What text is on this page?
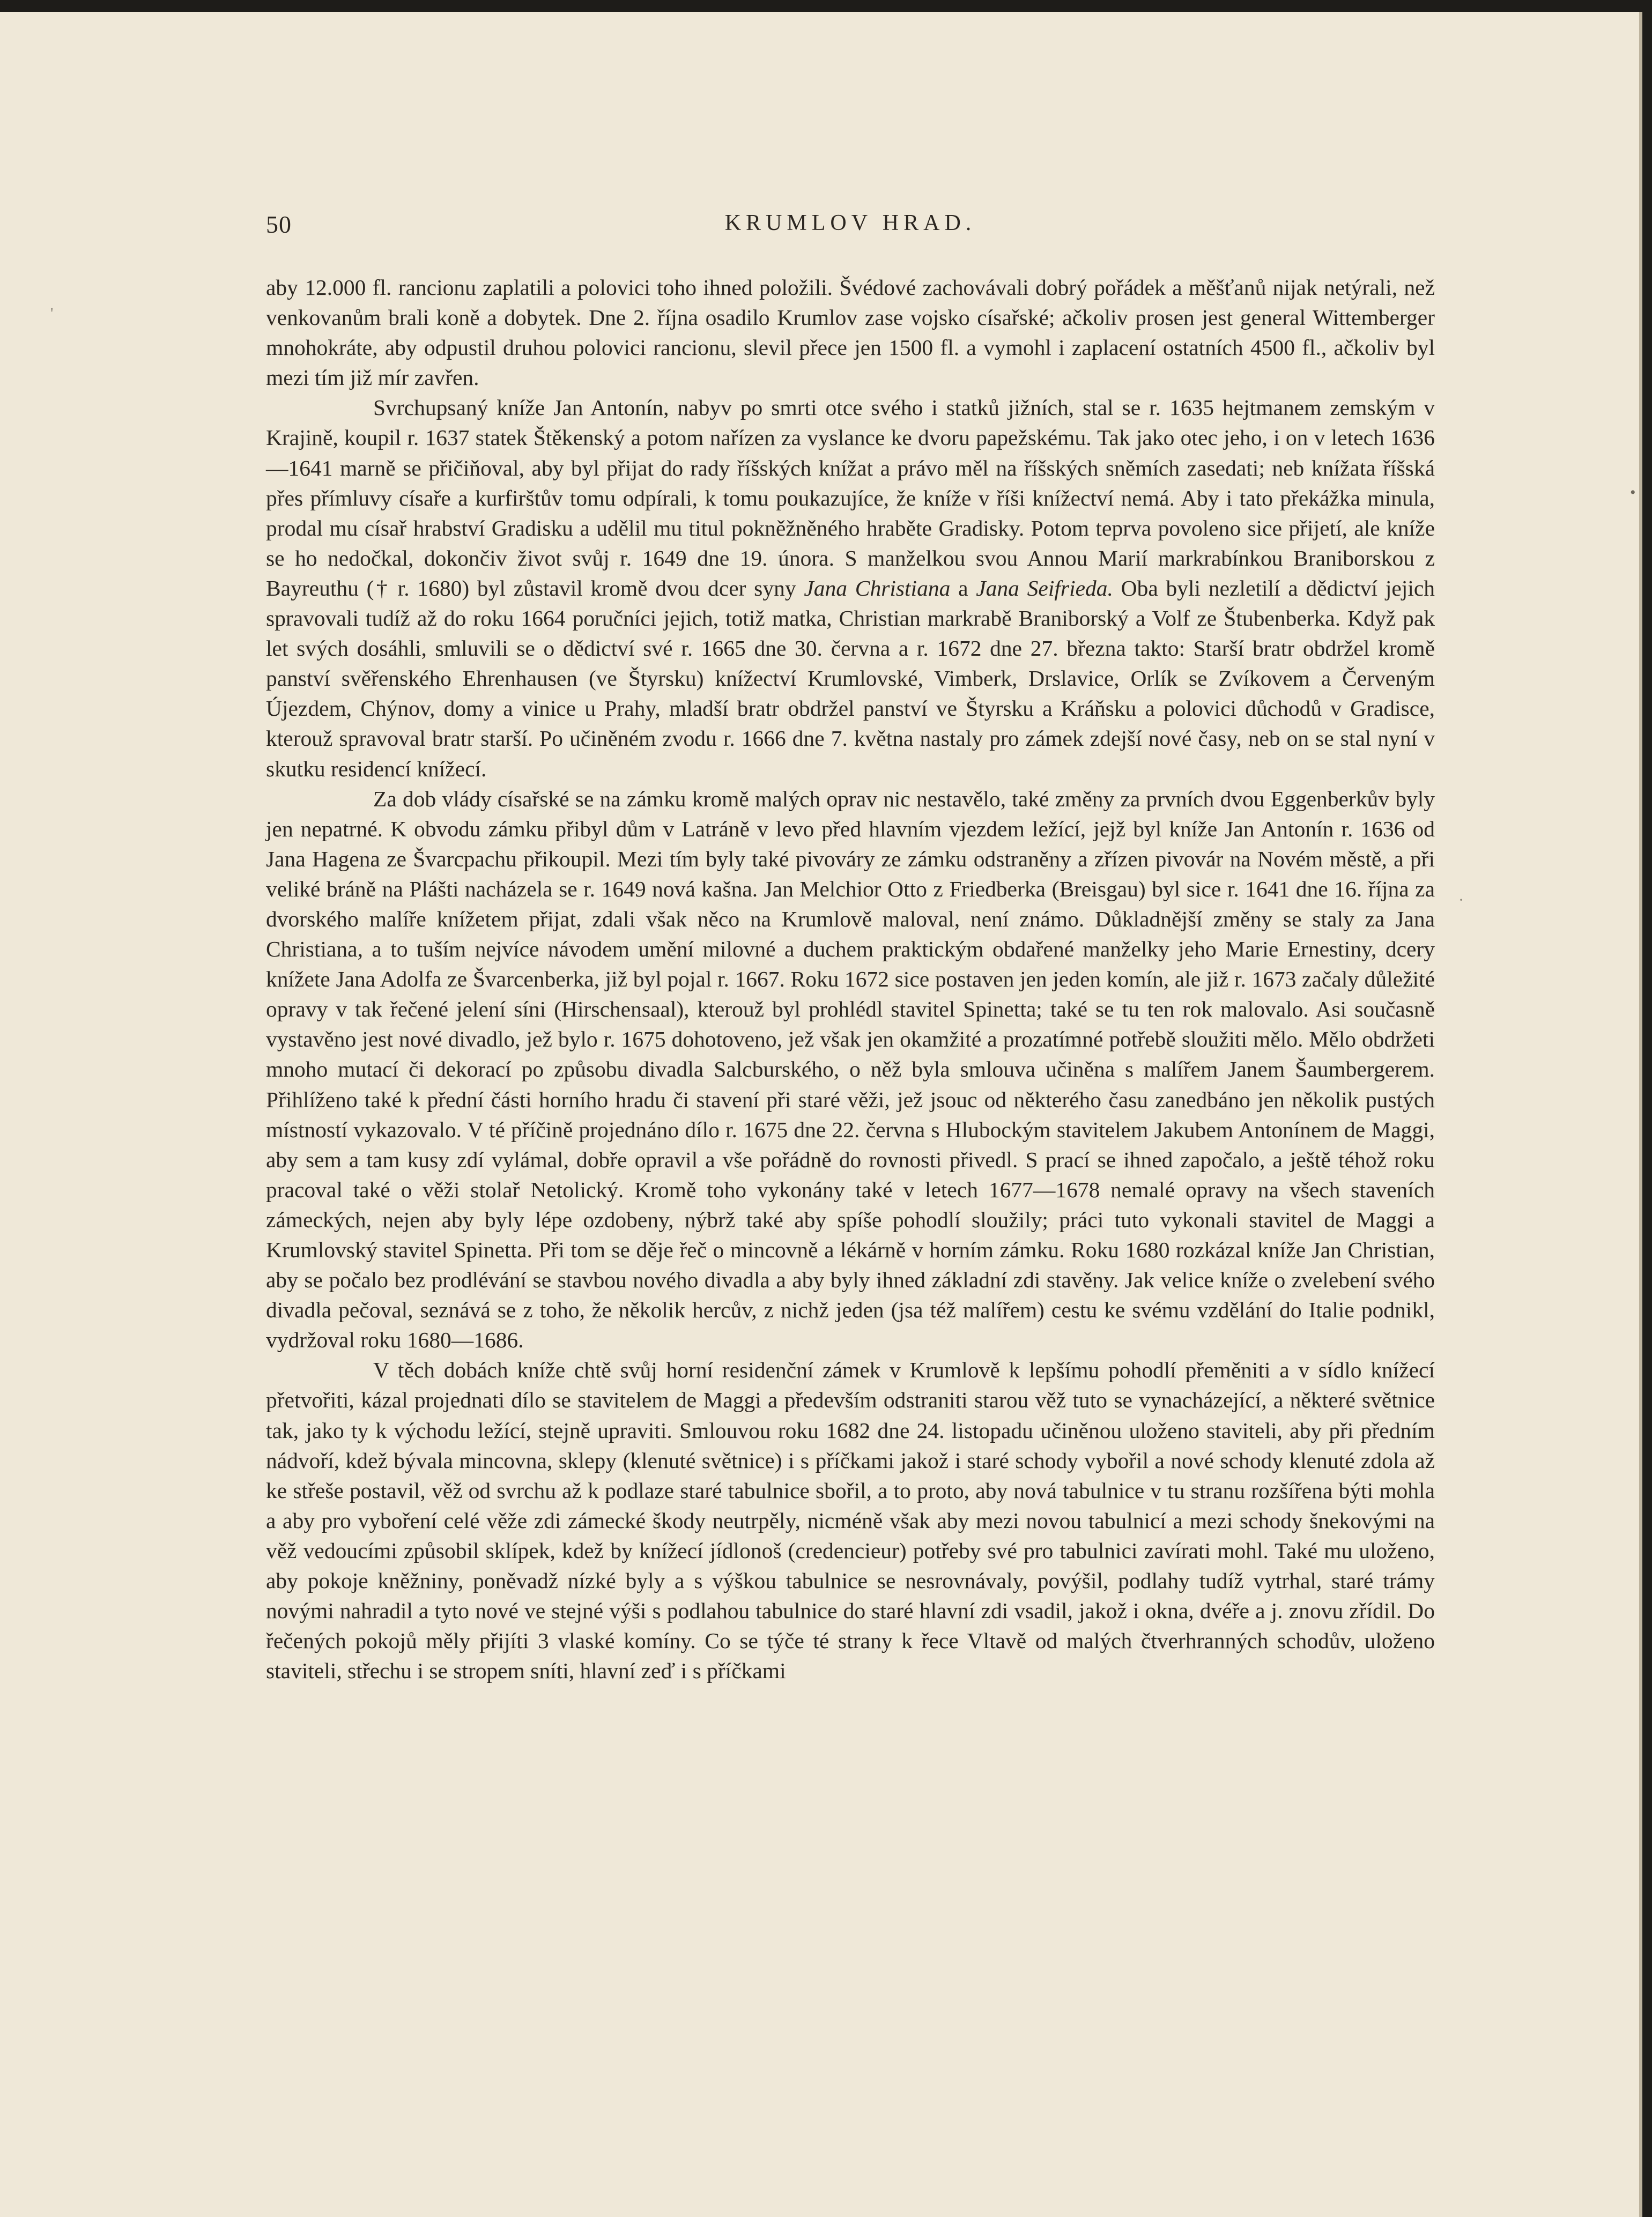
50	KRUMLOV HRAD.

aby 12.000 fl. rancionu zaplatili a polovici toho ihned položili. Švédové zachovávali dobrý pořádek a měšťanů nijak netýrali, než venkovanům brali koně a dobytek. Dne 2. října osadilo Krumlov zase vojsko císařské; ačkoliv prosen jest general Wittemberger mnohokráte, aby odpustil druhou polovici rancionu, slevil přece jen 1500 fl. a vymohl i zaplacení ostatních 4500 fl., ačkoliv byl mezi tím již mír zavřen.

Svrchupsaný kníže Jan Antonín, nabyv po smrti otce svého i statků jižních, stal se r. 1635 hejtmanem zemským v Krajině, koupil r. 1637 statek Štěkenský a potom nařízen za vyslance ke dvoru papežskému. Tak jako otec jeho, i on v letech 1636—1641 marně se přičiňoval, aby byl přijat do rady říšských knížat a právo měl na říšských sněmích zasedati; neb knížata říšská přes přímluvy císaře a kurfirštův tomu odpírali, k tomu poukazujíce, že kníže v říši knížectví nemá. Aby i tato překážka minula, prodal mu císař hrabství Gradisku a udělil mu titul pokněžněného hraběte Gradisky. Potom teprva povoleno sice přijetí, ale kníže se ho nedočkal, dokončiv život svůj r. 1649 dne 19. února. S manželkou svou Annou Marií markrabínkou Braniborskou z Bayreuthu († r. 1680) byl zůstavil kromě dvou dcer syny Jana Christiana a Jana Seifrieda. Oba byli nezletilí a dědictví jejich spravovali tudíž až do roku 1664 poručníci jejich, totiž matka, Christian markrabě Braniborský a Volf ze Štubenberka. Když pak let svých dosáhli, smluvili se o dědictví své r. 1665 dne 30. června a r. 1672 dne 27. března takto: Starší bratr obdržel kromě panství svěřenského Ehrenhausen (ve Štyrsku) knížectví Krumlovské, Vimberk, Drslavice, Orlík se Zvíkovem a Červeným Újezdem, Chýnov, domy a vinice u Prahy, mladší bratr obdržel panství ve Štyrsku a Kráňsku a polovici důchodů v Gradisce, kterouž spravoval bratr starší. Po učiněném zvodu r. 1666 dne 7. května nastaly pro zámek zdejší nové časy, neb on se stal nyní v skutku residencí knížecí.

Za dob vlády císařské se na zámku kromě malých oprav nic nestavělo, také změny za prvních dvou Eggenberkův byly jen nepatrné. K obvodu zámku přibyl dům v Latráně v levo před hlavním vjezdem ležící, jejž byl kníže Jan Antonín r. 1636 od Jana Hagena ze Švarcpachu přikoupil. Mezi tím byly také pivováry ze zámku odstraněny a zřízen pivovár na Novém městě, a při veliké bráně na Plášti nacházela se r. 1649 nová kašna. Jan Melchior Otto z Friedberka (Breisgau) byl sice r. 1641 dne 16. října za dvorského malíře knížetem přijat, zdali však něco na Krumlově maloval, není známo. Důkladnější změny se staly za Jana Christiana, a to tuším nejvíce návodem umění milovné a duchem praktickým obdařené manželky jeho Marie Ernestiny, dcery knížete Jana Adolfa ze Švarcenberka, již byl pojal r. 1667. Roku 1672 sice postaven jen jeden komín, ale již r. 1673 začaly důležité opravy v tak řečené jelení síni (Hirschensaal), kterouž byl prohlédl stavitel Spinetta; také se tu ten rok malovalo. Asi současně vystavěno jest nové divadlo, jež bylo r. 1675 dohotoveno, jež však jen okamžité a prozatímné potřebě sloužiti mělo. Mělo obdržeti mnoho mutací či dekorací po způsobu divadla Salcburského, o něž byla smlouva učiněna s malířem Janem Šaumbergerem. Přihlíženo také k přední části horního hradu či stavení při staré věži, jež jsouc od některého času zanedbáno jen několik pustých místností vykazovalo. V té příčině projednáno dílo r. 1675 dne 22. června s Hlubockým stavitelem Jakubem Antonínem de Maggi, aby sem a tam kusy zdí vylámal, dobře opravil a vše pořádně do rovnosti přivedl. S prací se ihned započalo, a ještě téhož roku pracoval také o věži stolař Netolický. Kromě toho vykonány také v letech 1677—1678 nemalé opravy na všech staveních zámeckých, nejen aby byly lépe ozdobeny, nýbrž také aby spíše pohodlí sloužily; práci tuto vykonali stavitel de Maggi a Krumlovský stavitel Spinetta. Při tom se děje řeč o mincovně a lékárně v horním zámku. Roku 1680 rozkázal kníže Jan Christian, aby se počalo bez prodlévání se stavbou nového divadla a aby byly ihned základní zdi stavěny. Jak velice kníže o zvelebení svého divadla pečoval, seznává se z toho, že několik hercův, z nichž jeden (jsa též malířem) cestu ke svému vzdělání do Italie podnikl, vydržoval roku 1680—1686.

V těch dobách kníže chtě svůj horní residenční zámek v Krumlově k lepšímu pohodlí přeměniti a v sídlo knížecí přetvořiti, kázal projednati dílo se stavitelem de Maggi a především odstraniti starou věž tuto se vynacházející, a některé světnice tak, jako ty k východu ležící, stejně upraviti. Smlouvou roku 1682 dne 24. listopadu učiněnou uloženo staviteli, aby při předním nádvoří, kdež bývala mincovna, sklepy (klenuté světnice) i s příčkami jakož i staré schody vybořil a nové schody klenuté zdola až ke střeše postavil, věž od svrchu až k podlaze staré tabulnice sbořil, a to proto, aby nová tabulnice v tu stranu rozšířena býti mohla a aby pro vyboření celé věže zdi zámecké škody neutrpěly, nicméně však aby mezi novou tabulnicí a mezi schody šnekovými na věž vedoucími způsobil sklípek, kdež by knížecí jídlonoš (credencieur) potřeby své pro tabulnici zavírati mohl. Také mu uloženo, aby pokoje kněžniny, poněvadž nízké byly a s výškou tabulnice se nesrovnávaly, povýšil, podlahy tudíž vytrhal, staré trámy novými nahradil a tyto nové ve stejné výši s podlahou tabulnice do staré hlavní zdi vsadil, jakož i okna, dvéře a j. znovu zřídil. Do řečených pokojů měly přijíti 3 vlaské komíny. Co se týče té strany k řece Vltavě od malých čtverhranných schodův, uloženo staviteli, střechu i se stropem sníti, hlavní zeď i s příčkami

'
•
·
